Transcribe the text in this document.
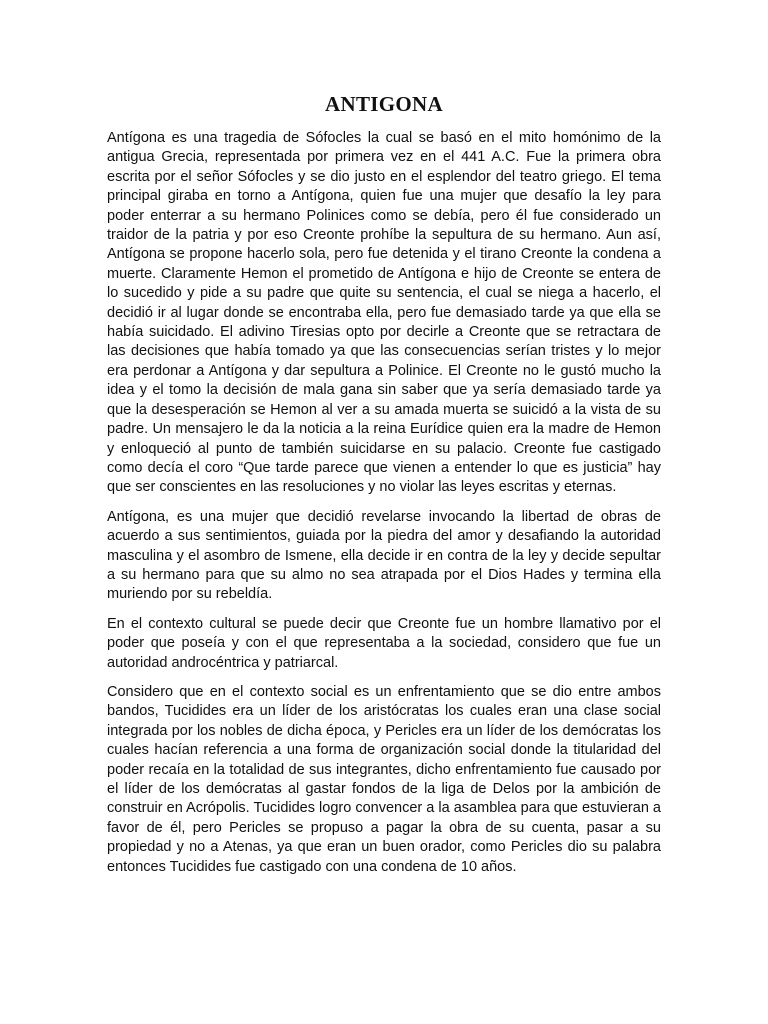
ANTIGONA

Antígona es una tragedia de Sófocles la cual se basó en el mito homónimo de la antigua Grecia, representada por primera vez en el 441 A.C. Fue la primera obra escrita por el señor Sófocles y se dio justo en el esplendor del teatro griego. El tema principal giraba en torno a Antígona, quien fue una mujer que desafío la ley para poder enterrar a su hermano Polinices como se debía, pero él fue considerado un traidor de la patria y por eso Creonte prohíbe la sepultura de su hermano. Aun así, Antígona se propone hacerlo sola, pero fue detenida y el tirano Creonte la condena a muerte. Claramente Hemon el prometido de Antígona e hijo de Creonte se entera de lo sucedido y pide a su padre que quite su sentencia, el cual se niega a hacerlo, el decidió ir al lugar donde se encontraba ella, pero fue demasiado tarde ya que ella se había suicidado. El adivino Tiresias opto por decirle a Creonte que se retractara de las decisiones que había tomado ya que las consecuencias serían tristes y lo mejor era perdonar a Antígona y dar sepultura a Polinice. El Creonte no le gustó mucho la idea y el tomo la decisión de mala gana sin saber que ya sería demasiado tarde ya que la desesperación se Hemon al ver a su amada muerta se suicidó a la vista de su padre. Un mensajero le da la noticia a la reina Eurídice quien era la madre de Hemon y enloqueció al punto de también suicidarse en su palacio. Creonte fue castigado como decía el coro “Que tarde parece que vienen a entender lo que es justicia” hay que ser conscientes en las resoluciones y no violar las leyes escritas y eternas.

Antígona, es una mujer que decidió revelarse invocando la libertad de obras de acuerdo a sus sentimientos, guiada por la piedra del amor y desafiando la autoridad masculina y el asombro de Ismene, ella decide ir en contra de la ley y decide sepultar a su hermano para que su almo no sea atrapada por el Dios Hades y termina ella muriendo por su rebeldía.

En el contexto cultural se puede decir que Creonte fue un hombre llamativo por el poder que poseía y con el que representaba a la sociedad, considero que fue un autoridad androcéntrica y patriarcal.

Considero que en el contexto social es un enfrentamiento que se dio entre ambos bandos, Tucidides era un líder de los aristócratas los cuales eran una clase social integrada por los nobles de dicha época, y Pericles era un líder de los demócratas los cuales hacían referencia a una forma de organización social donde la titularidad del poder recaía en la totalidad de sus integrantes, dicho enfrentamiento fue causado por el líder de los demócratas al gastar fondos de la liga de Delos por la ambición de construir en Acrópolis. Tucidides logro convencer a la asamblea para que estuvieran a favor de él, pero Pericles se propuso a pagar la obra de su cuenta, pasar a su propiedad y no a Atenas, ya que eran un buen orador, como Pericles dio su palabra entonces Tucidides fue castigado con una condena de 10 años.
